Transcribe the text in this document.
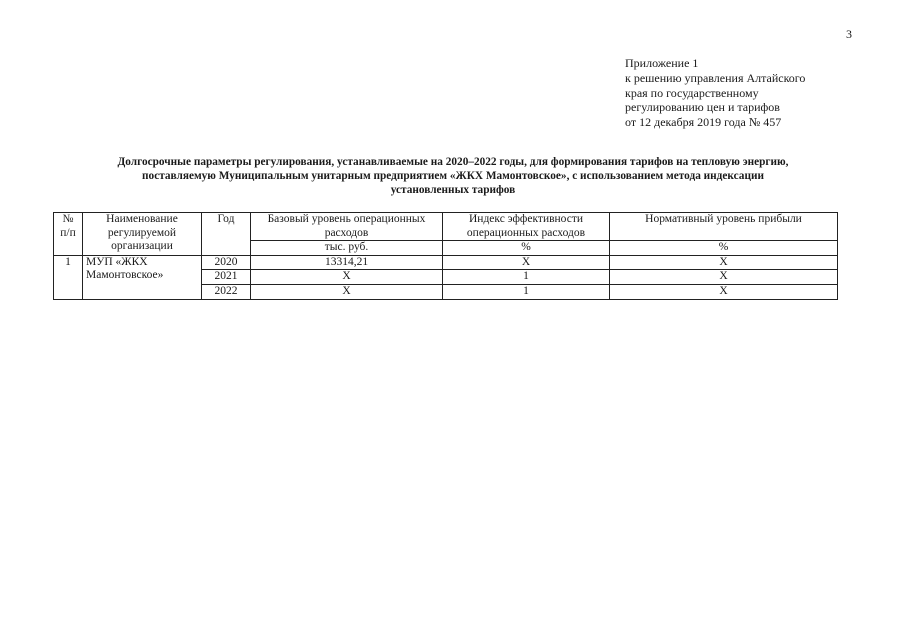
3
Приложение 1
к решению управления Алтайского
края по государственному
регулированию цен и тарифов
от 12 декабря 2019 года № 457
Долгосрочные параметры регулирования, устанавливаемые на 2020–2022 годы, для формирования тарифов на тепловую энергию,
поставляемую Муниципальным унитарным предприятием «ЖКХ Мамонтовское», с использованием метода индексации
установленных тарифов
№ п/п	Наименование регулируемой организации	Год	Базовый уровень операционных расходов	Индекс эффективности операционных расходов	Нормативный уровень прибыли
			тыс. руб.	%	%
1	МУП «ЖКХ Мамонтовское»	2020	13314,21	Х	Х
		2021	Х	1	Х
		2022	Х	1	Х
